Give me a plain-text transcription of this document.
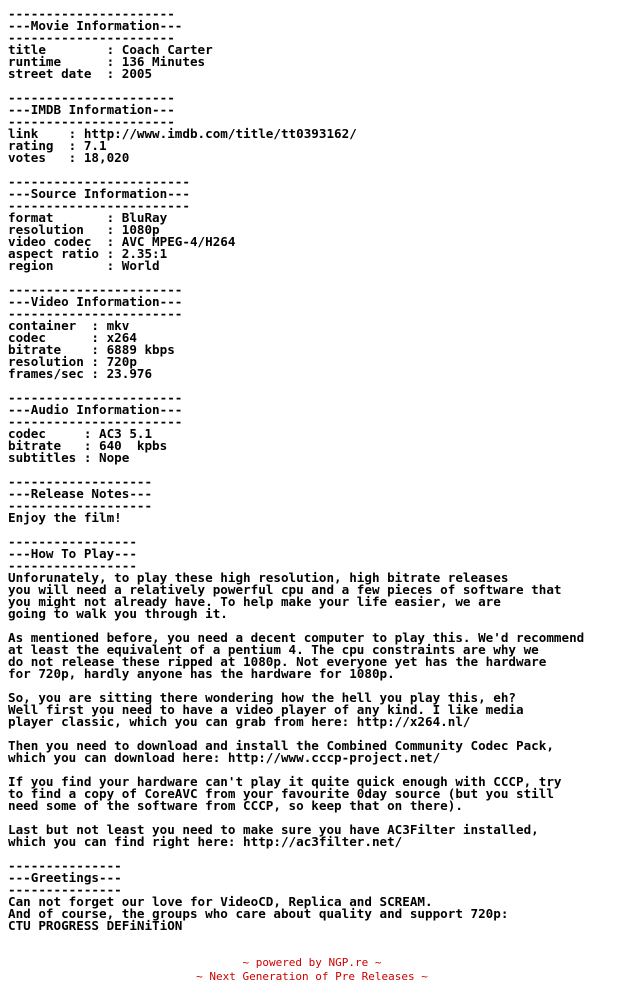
----------------------
---Movie Information---
----------------------
title        : Coach Carter
runtime      : 136 Minutes
street date  : 2005
----------------------
---IMDB Information---
----------------------
link    : http://www.imdb.com/title/tt0393162/
rating  : 7.1
votes   : 18,020
------------------------
---Source Information---
------------------------
format       : BluRay
resolution   : 1080p
video codec  : AVC MPEG-4/H264
aspect ratio : 2.35:1
region       : World
-----------------------
---Video Information---
-----------------------
container  : mkv
codec      : x264
bitrate    : 6889 kbps
resolution : 720p
frames/sec : 23.976
-----------------------
---Audio Information---
-----------------------
codec     : AC3 5.1
bitrate   : 640  kpbs
subtitles : Nope
-------------------
---Release Notes---
-------------------
Enjoy the film!
-----------------
---How To Play---
-----------------
Unforunately, to play these high resolution, high bitrate releases
you will need a relatively powerful cpu and a few pieces of software that
you might not already have. To help make your life easier, we are
going to walk you through it.
As mentioned before, you need a decent computer to play this. We'd recommend
at least the equivalent of a pentium 4. The cpu constraints are why we
do not release these ripped at 1080p. Not everyone yet has the hardware
for 720p, hardly anyone has the hardware for 1080p.
So, you are sitting there wondering how the hell you play this, eh?
Well first you need to have a video player of any kind. I like media
player classic, which you can grab from here: http://x264.nl/
Then you need to download and install the Combined Community Codec Pack,
which you can download here: http://www.cccp-project.net/
If you find your hardware can't play it quite quick enough with CCCP, try
to find a copy of CoreAVC from your favourite 0day source (but you still
need some of the software from CCCP, so keep that on there).
Last but not least you need to make sure you have AC3Filter installed,
which you can find right here: http://ac3filter.net/
---------------
---Greetings---
---------------
Can not forget our love for VideoCD, Replica and SCREAM.
And of course, the groups who care about quality and support 720p:
CTU PROGRESS DEFiNiTiON
~ powered by NGP.re ~
~ Next Generation of Pre Releases ~
